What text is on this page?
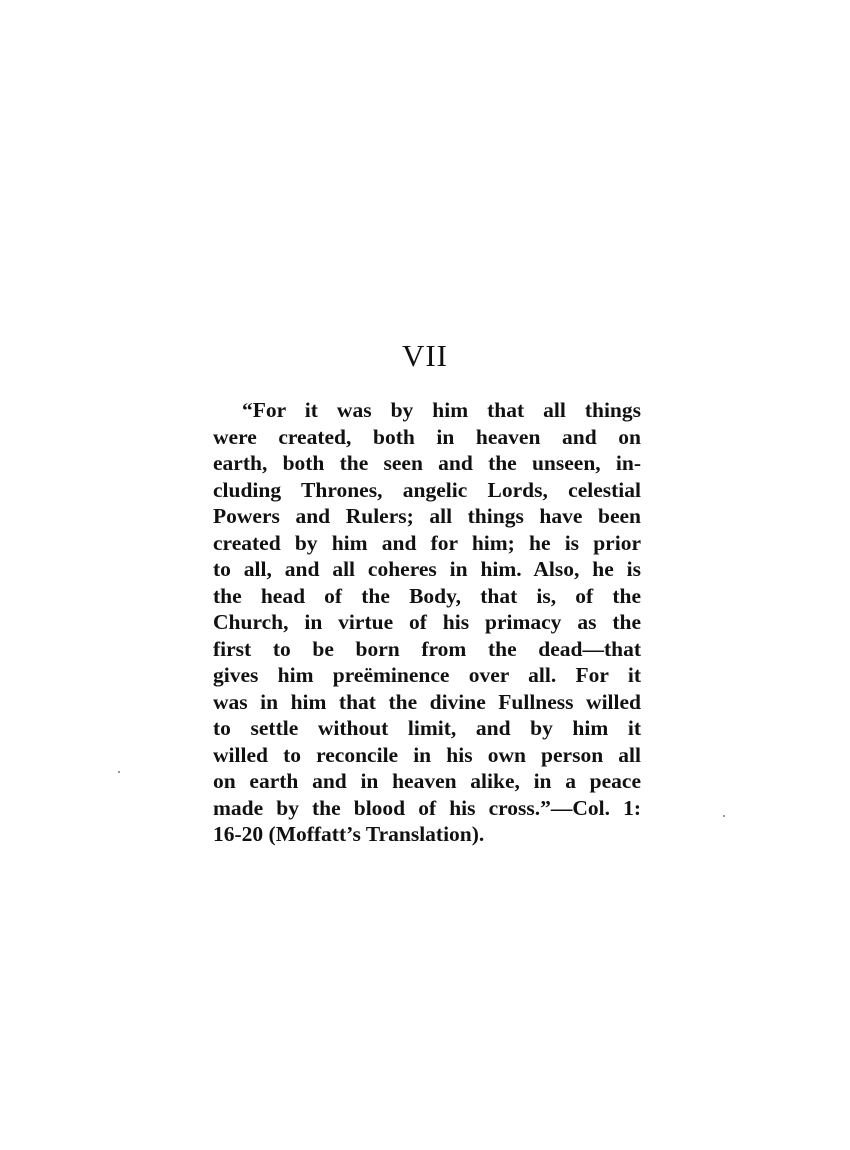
VII
“For it was by him that all things
were created, both in heaven and on
earth, both the seen and the unseen, in-
cluding Thrones, angelic Lords, celestial
Powers and Rulers; all things have been
created by him and for him; he is prior
to all, and all coheres in him. Also, he is
the head of the Body, that is, of the
Church, in virtue of his primacy as the
first to be born from the dead—that
gives him preëminence over all. For it
was in him that the divine Fullness willed
to settle without limit, and by him it
willed to reconcile in his own person all
on earth and in heaven alike, in a peace
made by the blood of his cross.”—Col. 1:
16-20 (Moffatt’s Translation).
